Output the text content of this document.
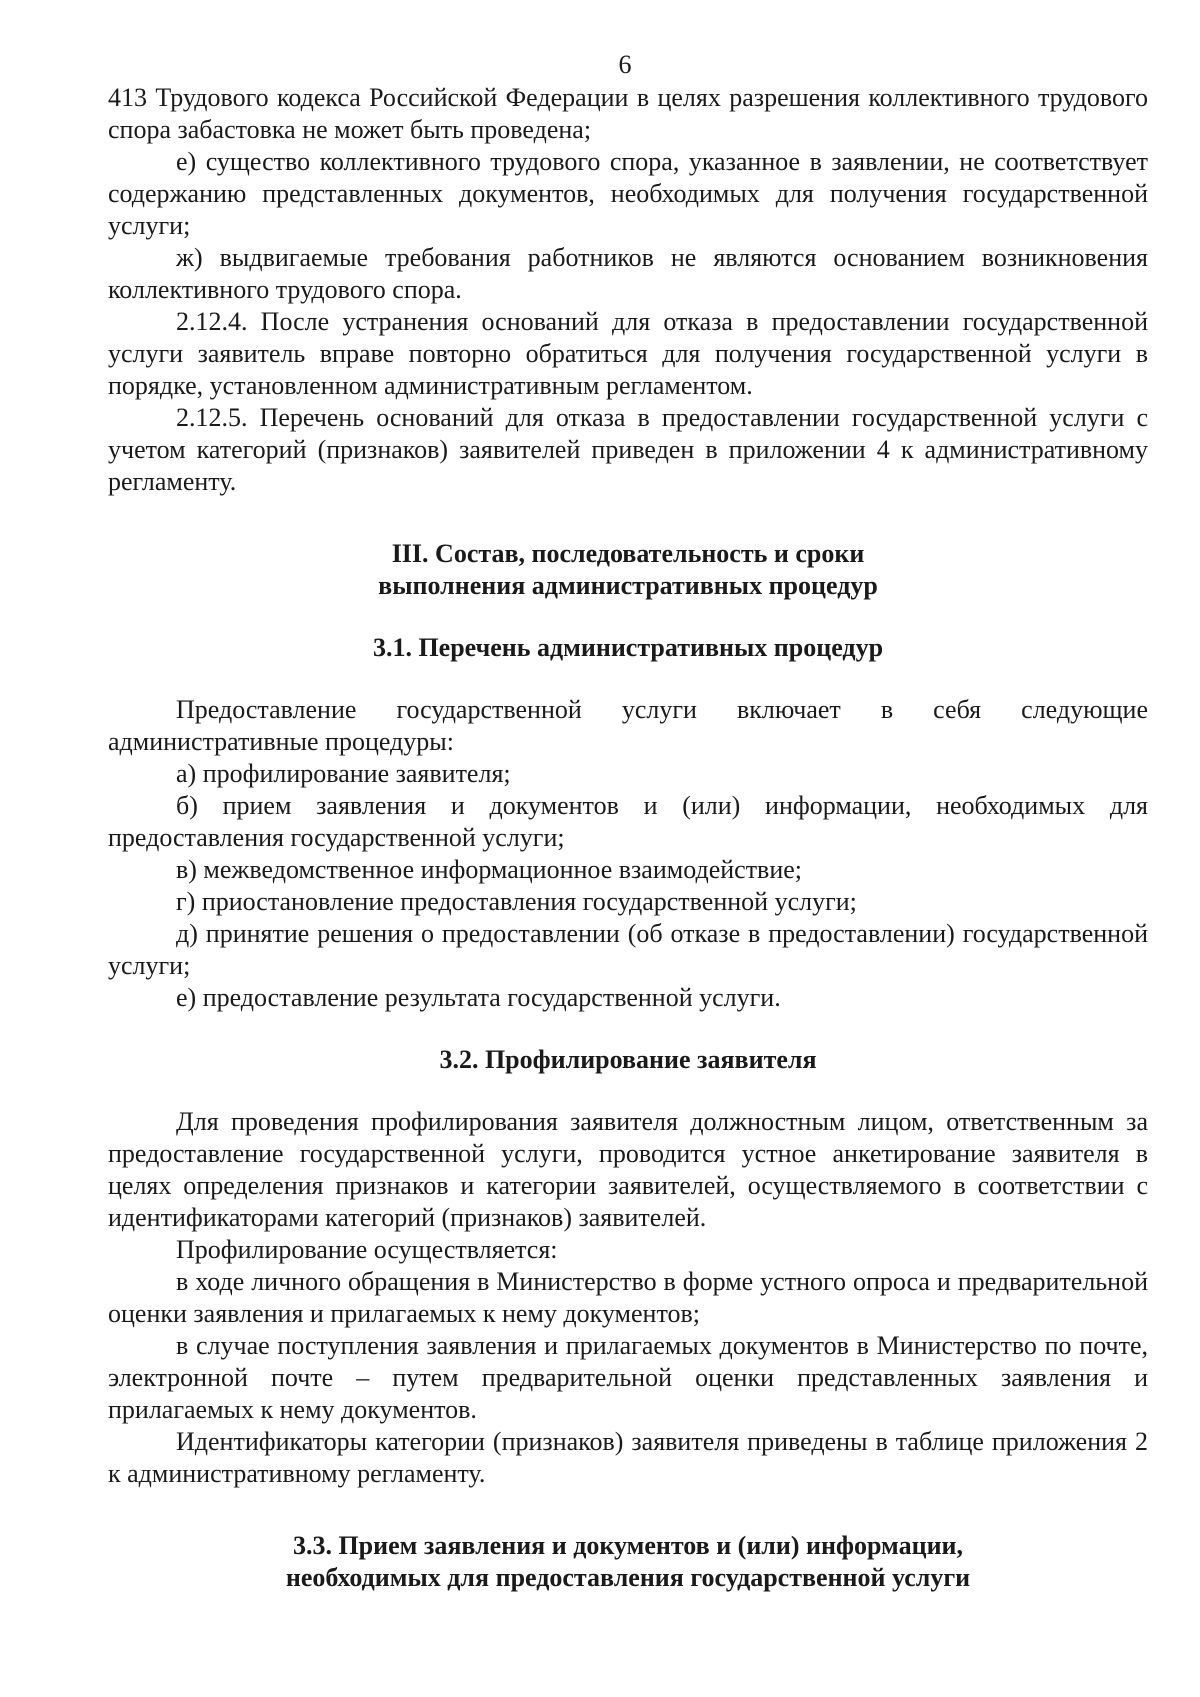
6

413 Трудового кодекса Российской Федерации в целях разрешения коллективного трудового спора забастовка не может быть проведена;

е) существо коллективного трудового спора, указанное в заявлении, не соответствует содержанию представленных документов, необходимых для получения государственной услуги;

ж) выдвигаемые требования работников не являются основанием возникновения коллективного трудового спора.

2.12.4. После устранения оснований для отказа в предоставлении государственной услуги заявитель вправе повторно обратиться для получения государственной услуги в порядке, установленном административным регламентом.

2.12.5. Перечень оснований для отказа в предоставлении государственной услуги с учетом категорий (признаков) заявителей приведен в приложении 4 к административному регламенту.

III. Состав, последовательность и сроки выполнения административных процедур

3.1. Перечень административных процедур

Предоставление государственной услуги включает в себя следующие административные процедуры:

а) профилирование заявителя;

б) прием заявления и документов и (или) информации, необходимых для предоставления государственной услуги;

в) межведомственное информационное взаимодействие;

г) приостановление предоставления государственной услуги;

д) принятие решения о предоставлении (об отказе в предоставлении) государственной услуги;

е) предоставление результата государственной услуги.

3.2. Профилирование заявителя

Для проведения профилирования заявителя должностным лицом, ответственным за предоставление государственной услуги, проводится устное анкетирование заявителя в целях определения признаков и категории заявителей, осуществляемого в соответствии с идентификаторами категорий (признаков) заявителей.

Профилирование осуществляется:

в ходе личного обращения в Министерство в форме устного опроса и предварительной оценки заявления и прилагаемых к нему документов;

в случае поступления заявления и прилагаемых документов в Министерство по почте, электронной почте – путем предварительной оценки представленных заявления и прилагаемых к нему документов.

Идентификаторы категории (признаков) заявителя приведены в таблице приложения 2 к административному регламенту.

3.3. Прием заявления и документов и (или) информации, необходимых для предоставления государственной услуги
